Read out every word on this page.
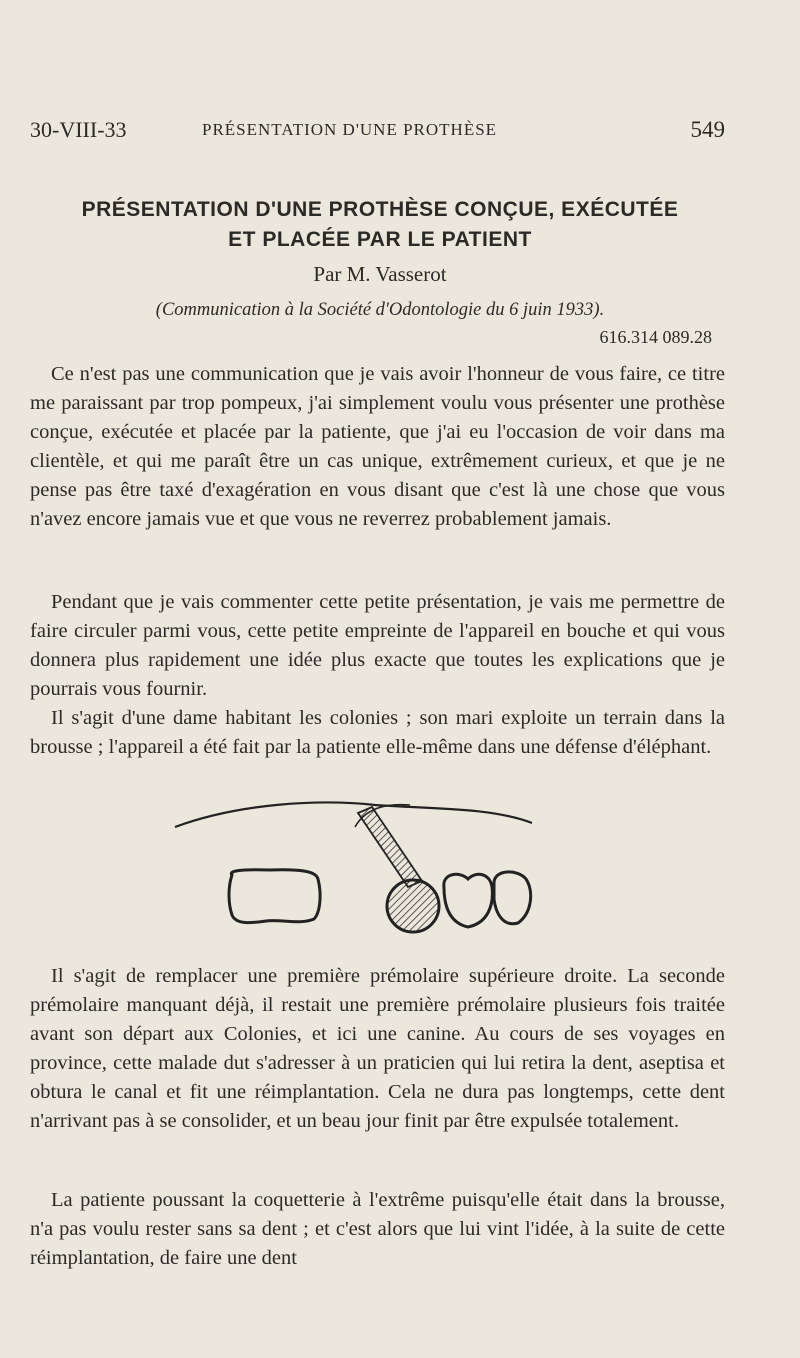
30-VIII-33	PRÉSENTATION D'UNE PROTHÈSE	549
PRÉSENTATION D'UNE PROTHÈSE CONÇUE, EXÉCUTÉE
ET PLACÉE PAR LE PATIENT
Par M. Vasserot
(Communication à la Société d'Odontologie du 6 juin 1933).
616.314 089.28

Ce n'est pas une communication que je vais avoir l'honneur de vous faire, ce titre me paraissant par trop pompeux, j'ai simplement voulu vous présenter une prothèse conçue, exécutée et placée par la patiente, que j'ai eu l'occasion de voir dans ma clientèle, et qui me paraît être un cas unique, extrêmement curieux, et que je ne pense pas être taxé d'exagération en vous disant que c'est là une chose que vous n'avez encore jamais vue et que vous ne reverrez probablement jamais.

Pendant que je vais commenter cette petite présentation, je vais me permettre de faire circuler parmi vous, cette petite empreinte de l'appareil en bouche et qui vous donnera plus rapidement une idée plus exacte que toutes les explications que je pourrais vous fournir.

Il s'agit d'une dame habitant les colonies ; son mari exploite un terrain dans la brousse ; l'appareil a été fait par la patiente elle-même dans une défense d'éléphant.

Il s'agit de remplacer une première prémolaire supérieure droite. La seconde prémolaire manquant déjà, il restait une première prémolaire plusieurs fois traitée avant son départ aux Colonies, et ici une canine. Au cours de ses voyages en province, cette malade dut s'adresser à un praticien qui lui retira la dent, aseptisa et obtura le canal et fit une réimplantation. Cela ne dura pas longtemps, cette dent n'arrivant pas à se consolider, et un beau jour finit par être expulsée totalement.

La patiente poussant la coquetterie à l'extrême puisqu'elle était dans la brousse, n'a pas voulu rester sans sa dent ; et c'est alors que lui vint l'idée, à la suite de cette réimplantation, de faire une dent
